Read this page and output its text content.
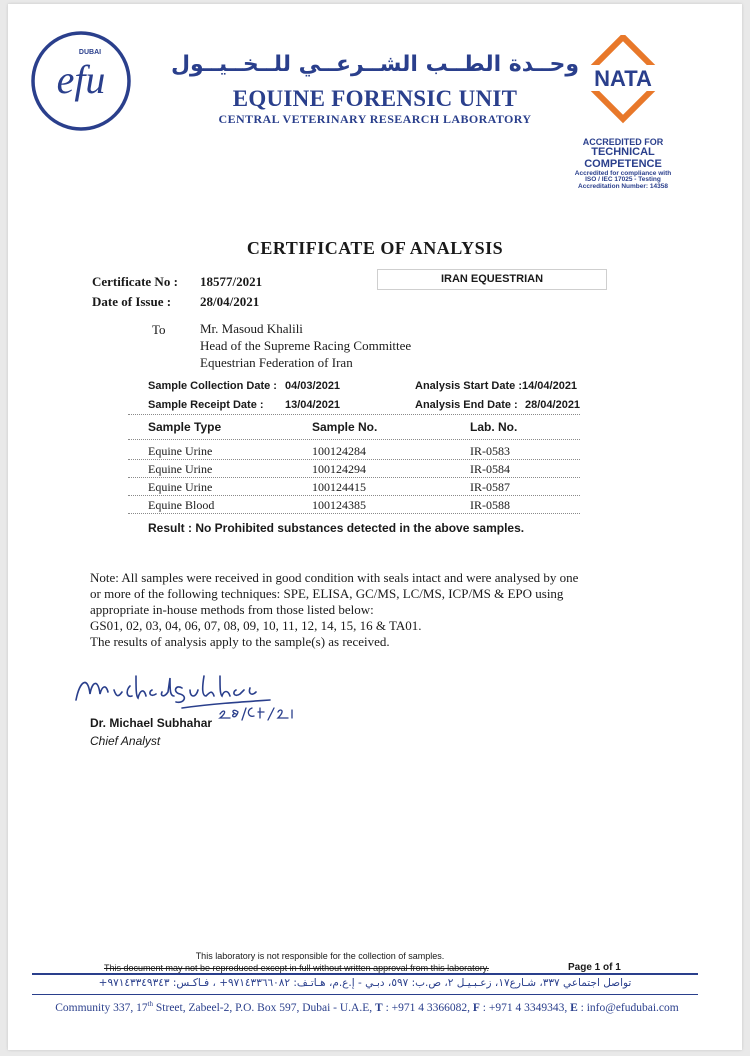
efu
DUBAI	وحــدة الطــب الشــرعــي للــخــيــول
EQUINE FORENSIC UNIT
CENTRAL VETERINARY RESEARCH LABORATORY
NATA
ACCREDITED FOR
TECHNICAL
COMPETENCE
Accredited for compliance with
ISO / IEC 17025 - Testing
Accreditation Number: 14358
CERTIFICATE OF ANALYSIS
Certificate No : 18577/2021
Date of Issue : 28/04/2021
IRAN EQUESTRIAN
To	Mr. Masoud Khalili
Head of the Supreme Racing Committee
Equestrian Federation of Iran
Sample Collection Date : 04/03/2021
Sample Receipt Date : 13/04/2021
Analysis Start Date : 14/04/2021
Analysis End Date : 28/04/2021
Sample Type	Sample No.	Lab. No.
Equine Urine	100124284	IR-0583
Equine Urine	100124294	IR-0584
Equine Urine	100124415	IR-0587
Equine Blood	100124385	IR-0588
Result : No Prohibited substances detected in the above samples.
Note: All samples were received in good condition with seals intact and were analysed by one
or more of the following techniques: SPE, ELISA, GC/MS, LC/MS, ICP/MS & EPO using
appropriate in-house methods from those listed below:
GS01, 02, 03, 04, 06, 07, 08, 09, 10, 11, 12, 14, 15, 16 & TA01.
The results of analysis apply to the sample(s) as received.
Dr. Michael Subhahar
Chief Analyst
This laboratory is not responsible for the collection of samples.
This document may not be reproduced except in full without written approval from this laboratory.	Page 1 of 1
تواصل اجتماعي ٣٣٧، شـارع١٧، زعـبـيـل ٢، ص.ب: ٥٩٧، دبـي - إ.ع.م، هـاتـف: ٩٧١٤٣٣٦٦٠٨٢+ ، فـاكـس: ٩٧١٤٣٣٤٩٣٤٣+
Community 337, 17th Street, Zabeel-2, P.O. Box 597, Dubai - U.A.E, T : +971 4 3366082, F : +971 4 3349343, E : info@efudubai.com
